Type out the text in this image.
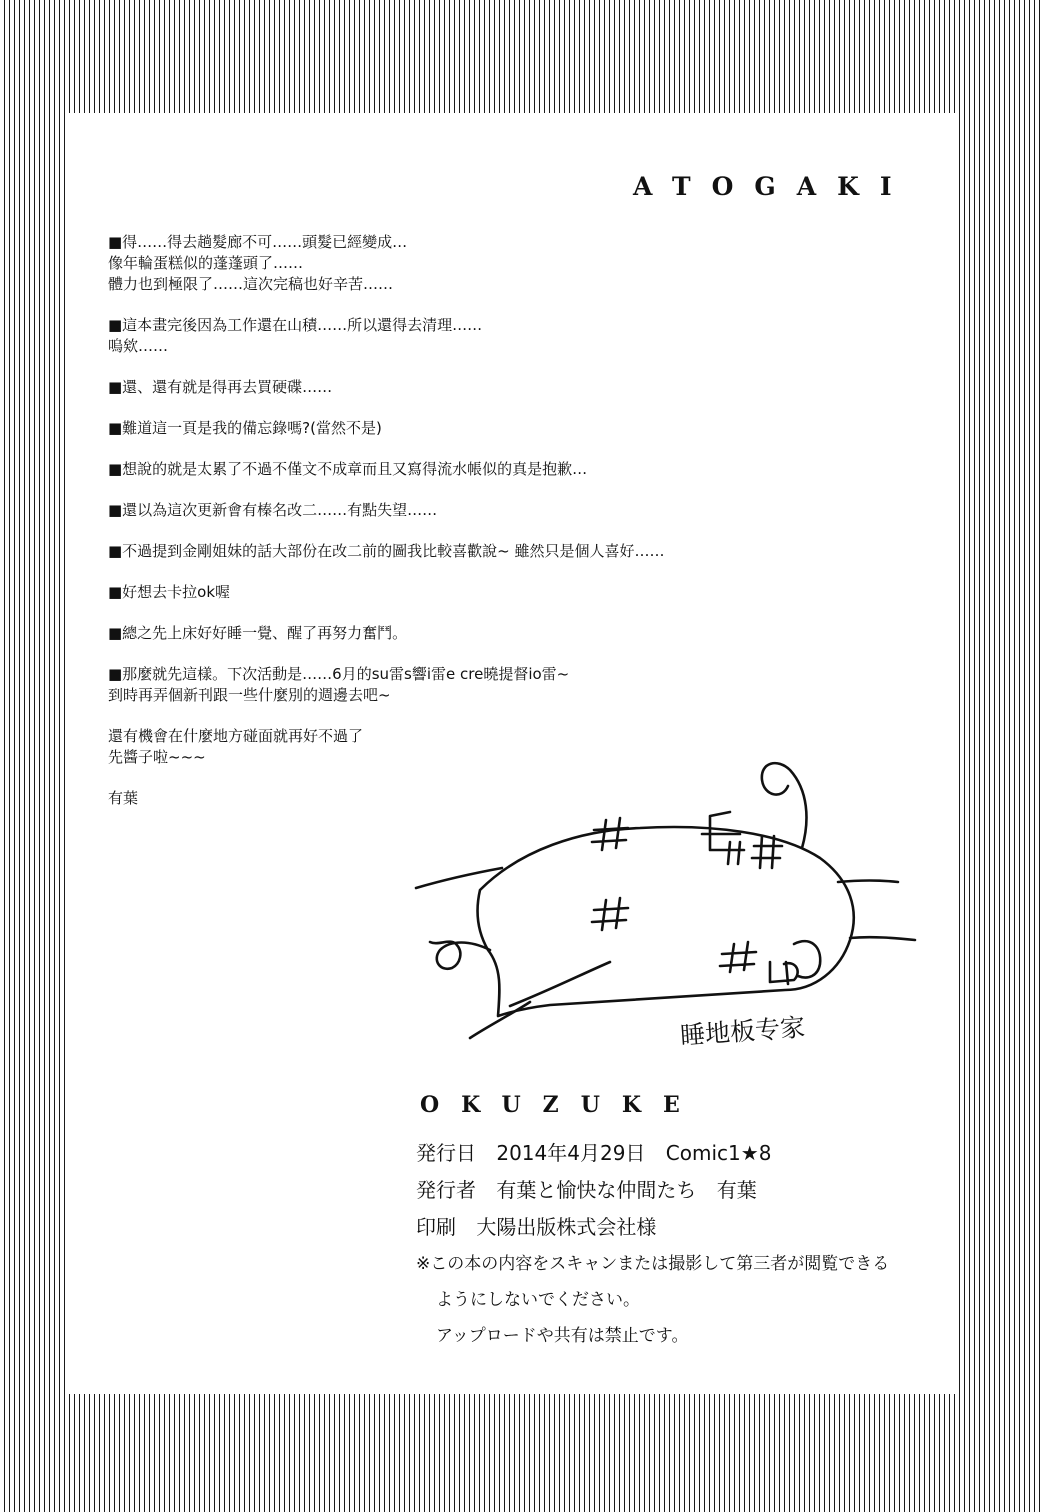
ATOGAKI
■得……得去趟髮廊不可……頭髮已經變成…
像年輪蛋糕似的蓬蓬頭了……
體力也到極限了……這次完稿也好辛苦……
■這本畫完後因為工作還在山積……所以還得去清理……
嗚欸……
■還、還有就是得再去買硬碟……
■難道這一頁是我的備忘錄嗎?(當然不是)
■想說的就是太累了不過不僅文不成章而且又寫得流水帳似的真是抱歉…
■還以為這次更新會有榛名改二……有點失望……
■不過提到金剛姐妹的話大部份在改二前的圖我比較喜歡說~ 雖然只是個人喜好……
■好想去卡拉ok喔
■總之先上床好好睡一覺、醒了再努力奮鬥。
■那麼就先這樣。下次活動是……6月的su雷s響i雷e cre曉提督io雷~
到時再弄個新刊跟一些什麼別的週邊去吧~
還有機會在什麼地方碰面就再好不過了
先醬子啦~~~
有葉
睡地板专家
OKUZUKE
発行日 2014年4月29日 Comic1★8
発行者 有葉と愉快な仲間たち 有葉
印刷 大陽出版株式会社様
※この本の内容をスキャンまたは撮影して第三者が閲覧できる
ようにしないでください。
アップロードや共有は禁止です。
